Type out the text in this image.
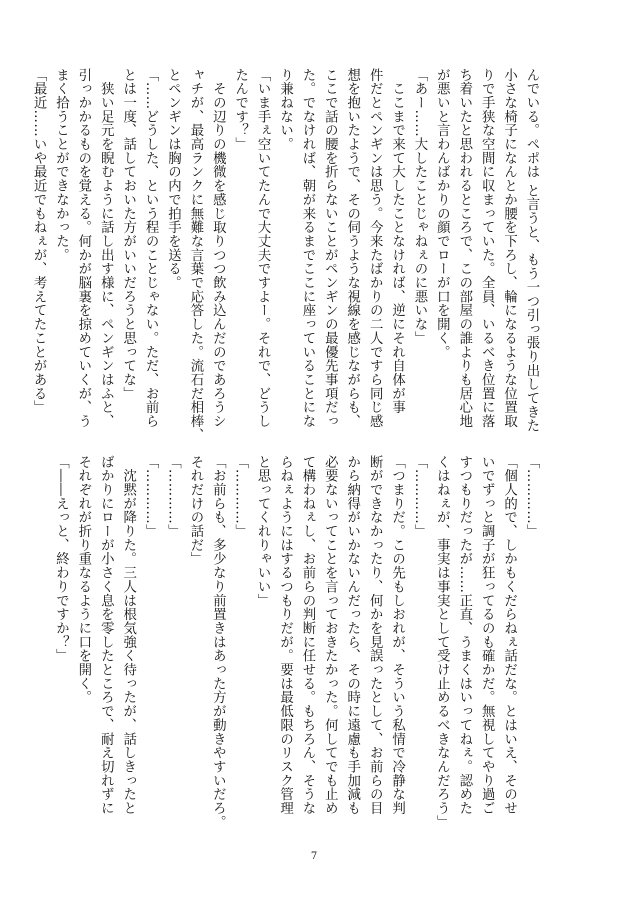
んでいる。ペポは と言うと、もう一つ引っ張り出してきた
小さな椅子になんとか腰を下ろし、輪になるような位置取
りで手狭な空間に収まっていた。全員、いるべき位置に落
ち着いたと思われるところで、この部屋の誰よりも居心地
が悪いと言わんばかりの顔でローが口を開く。
「あー……大したことじゃねぇのに悪いな」
　ここまで来て大したことなければ、逆にそれ自体が事
件だとペンギンは思う。今来たばかりの二人ですら同じ感
想を抱いたようで、その伺うような視線を感じながらも、
ここで話の腰を折らないことがペンギンの最優先事項だっ
た。でなければ、朝が来るまでここに座っていることにな
り兼ねない。
「いま手ぇ空いてたんで大丈夫ですよー。それで、どうし
たんです？」
　その辺りの機微を感じ取りつつ飲み込んだのであろうシ
ャチが、最高ランクに無難な言葉で応答した。流石だ相棒、
とペンギンは胸の内で拍手を送る。
「……どうした、という程のことじゃない。ただ、お前ら
とは一度、話しておいた方がいいだろうと思ってな」
　狭い足元を睨むように話し出す様に、ペンギンはふと、
引っかかるものを覚える。何かが脳裏を掠めていくが、う
まく拾うことができなかった。
「最近……いや最近でもねぇが、考えてたことがある」
「…………」
「個人的で、しかもくだらねぇ話だな。とはいえ、そのせ
いでずっと調子が狂ってるのも確かだ。無視してやり過ご
すつもりだったが……正直、うまくはいってねぇ。認めた
くはねぇが、事実は事実として受け止めるべきなんだろう」
「…………」
「つまりだ。この先もしおれが、そういう私情で冷静な判
断ができなかったり、何かを見誤ったとして、お前らの目
から納得がいかないんだったら、その時に遠慮も手加減も
必要ないってことを言っておきたかった。何してでも止め
て構わねぇし、お前らの判断に任せる。もちろん、そうな
らねぇようにはするつもりだが。要は最低限のリスク管理
と思ってくれりゃいい」
「…………」
「お前らも、多少なり前置きはあった方が動きやすいだろ。
それだけの話だ」
「…………」
「…………」
　沈黙が降りた。三人は根気強く待ったが、話しきったと
ばかりにローが小さく息を零したところで、耐え切れずに
それぞれが折り重なるように口を開く。
「――えっと、終わりですか？」
7
